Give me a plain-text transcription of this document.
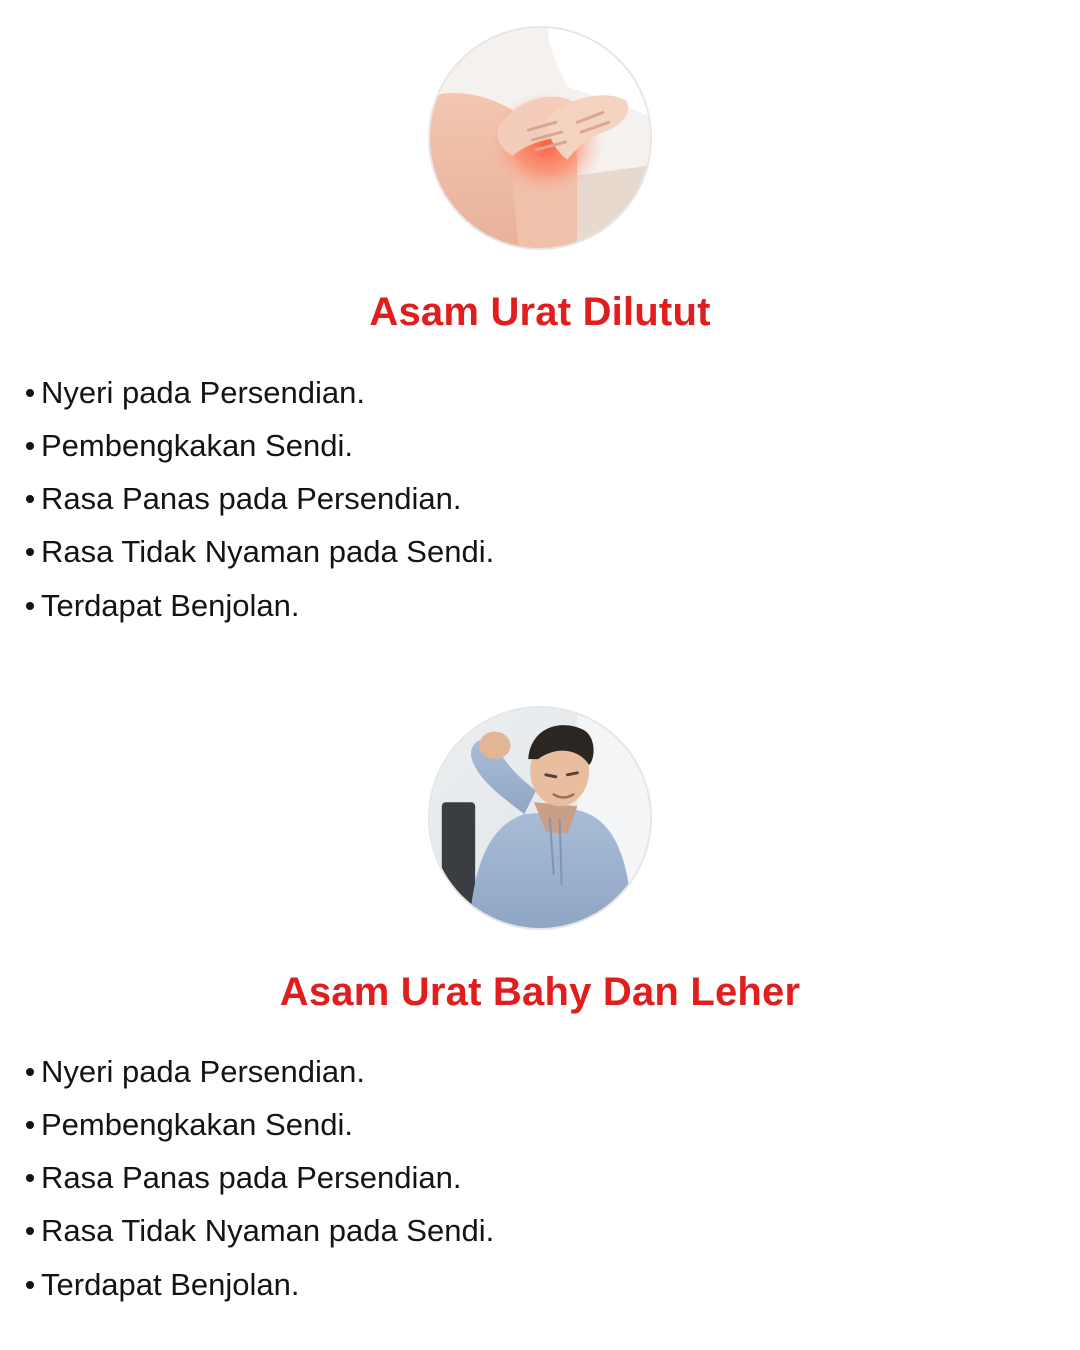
Asam Urat Dilutut
Nyeri pada Persendian.
Pembengkakan Sendi.
Rasa Panas pada Persendian.
Rasa Tidak Nyaman pada Sendi.
Terdapat Benjolan.
Asam Urat Bahy Dan Leher
Nyeri pada Persendian.
Pembengkakan Sendi.
Rasa Panas pada Persendian.
Rasa Tidak Nyaman pada Sendi.
Terdapat Benjolan.
